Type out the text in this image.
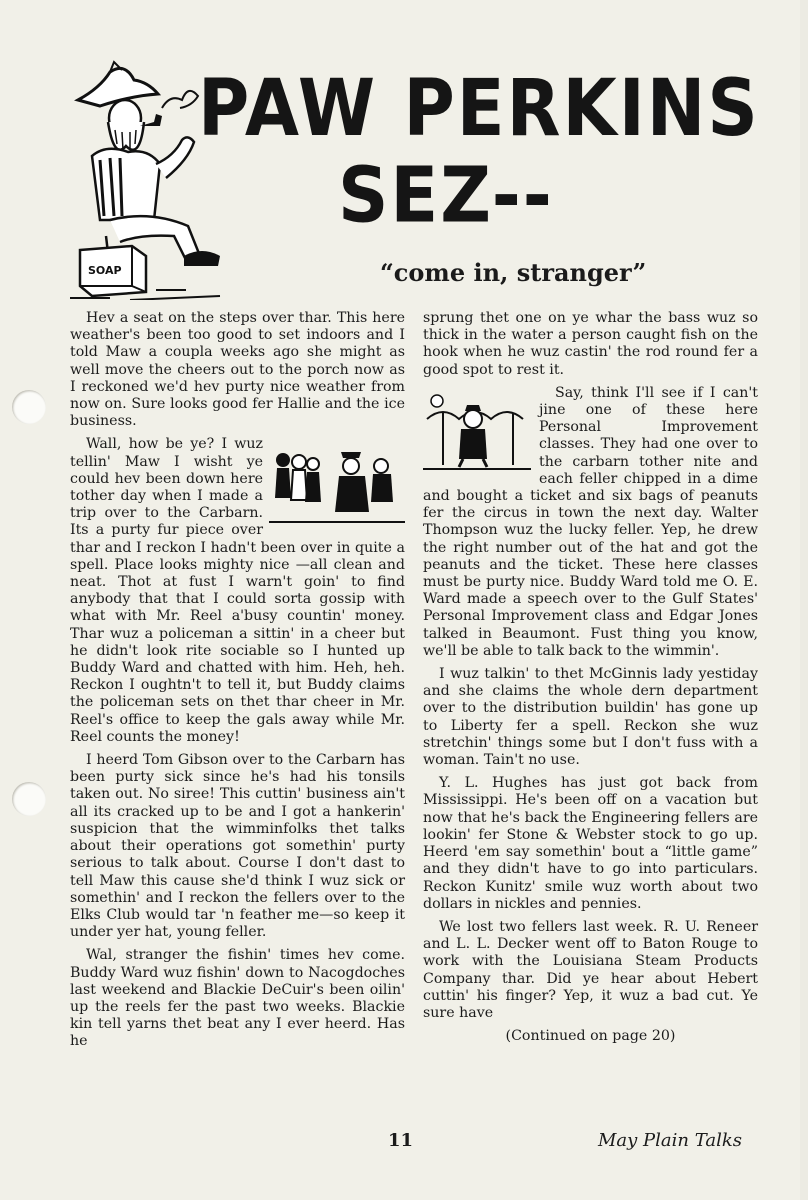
SOAP
PAW PERKINS
SEZ--
“come in, stranger”

Hev a seat on the steps over thar. This here weather's been too good to set indoors and I told Maw a coupla weeks ago she might as well move the cheers out to the porch now as I reckoned we'd hev purty nice weather from now on. Sure looks good fer Hallie and the ice business.

Wall, how be ye? I wuz tellin' Maw I wisht ye could hev been down here tother day when I made a trip over to the Carbarn. Its a purty fur piece over thar and I reckon I hadn't been over in quite a spell. Place looks mighty nice —all clean and neat. Thot at fust I warn't goin' to find anybody that that I could sorta gossip with what with Mr. Reel a'busy countin' money. Thar wuz a policeman a sittin' in a cheer but he didn't look rite sociable so I hunted up Buddy Ward and chatted with him. Heh, heh. Reckon I oughtn't to tell it, but Buddy claims the policeman sets on thet thar cheer in Mr. Reel's office to keep the gals away while Mr. Reel counts the money!

I heerd Tom Gibson over to the Carbarn has been purty sick since he's had his tonsils taken out. No siree! This cuttin' business ain't all its cracked up to be and I got a hankerin' suspicion that the wimminfolks thet talks about their operations got somethin' purty serious to talk about. Course I don't dast to tell Maw this cause she'd think I wuz sick or somethin' and I reckon the fellers over to the Elks Club would tar 'n feather me—so keep it under yer hat, young feller.

Wal, stranger the fishin' times hev come. Buddy Ward wuz fishin' down to Nacogdoches last weekend and Blackie DeCuir's been oilin' up the reels fer the past two weeks. Blackie kin tell yarns thet beat any I ever heerd. Has he

sprung thet one on ye whar the bass wuz so thick in the water a person caught fish on the hook when he wuz castin' the rod round fer a good spot to rest it.

Say, think I'll see if I can't jine one of these here Personal Improvement classes. They had one over to the carbarn tother nite and each feller chipped in a dime and bought a ticket and six bags of peanuts fer the circus in town the next day. Walter Thompson wuz the lucky feller. Yep, he drew the right number out of the hat and got the peanuts and the ticket. These here classes must be purty nice. Buddy Ward told me O. E. Ward made a speech over to the Gulf States' Personal Improvement class and Edgar Jones talked in Beaumont. Fust thing you know, we'll be able to talk back to the wimmin'.

I wuz talkin' to thet McGinnis lady yestiday and she claims the whole dern department over to the distribution buildin' has gone up to Liberty fer a spell. Reckon she wuz stretchin' things some but I don't fuss with a woman. Tain't no use.

Y. L. Hughes has just got back from Mississippi. He's been off on a vacation but now that he's back the Engineering fellers are lookin' fer Stone & Webster stock to go up. Heerd 'em say somethin' bout a “little game” and they didn't have to go into particulars. Reckon Kunitz' smile wuz worth about two dollars in nickles and pennies.

We lost two fellers last week. R. U. Reneer and L. L. Decker went off to Baton Rouge to work with the Louisiana Steam Products Company thar. Did ye hear about Hebert cuttin' his finger? Yep, it wuz a bad cut. Ye sure have

(Continued on page 20)

11	May Plain Talks
